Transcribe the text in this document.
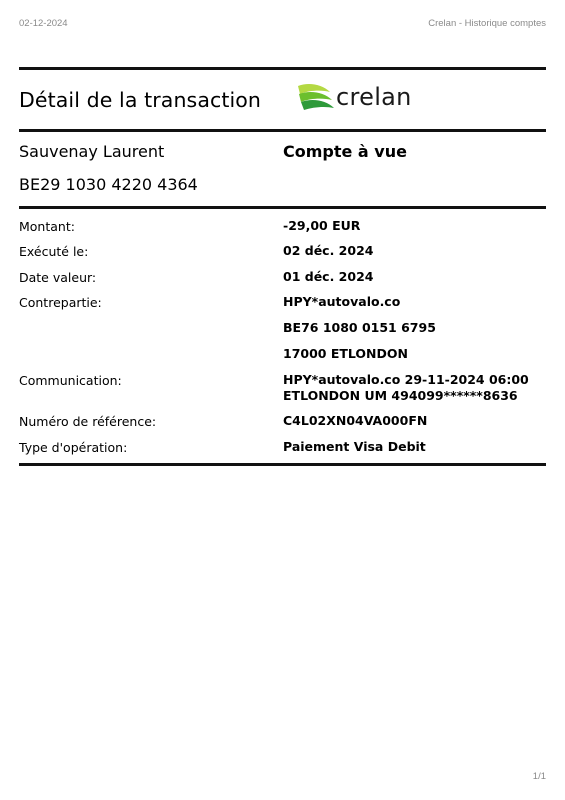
02-12-2024	Crelan - Historique comptes
Détail de la transaction	crelan
Sauvenay Laurent	Compte à vue
BE29 1030 4220 4364
Montant:	-29,00 EUR
Exécuté le:	02 déc. 2024
Date valeur:	01 déc. 2024
Contrepartie:	HPY*autovalo.co
BE76 1080 0151 6795
17000 ETLONDON
Communication:	HPY*autovalo.co 29-11-2024 06:00
ETLONDON UM 494099******8636
Numéro de référence:	C4L02XN04VA000FN
Type d'opération:	Paiement Visa Debit
1/1
